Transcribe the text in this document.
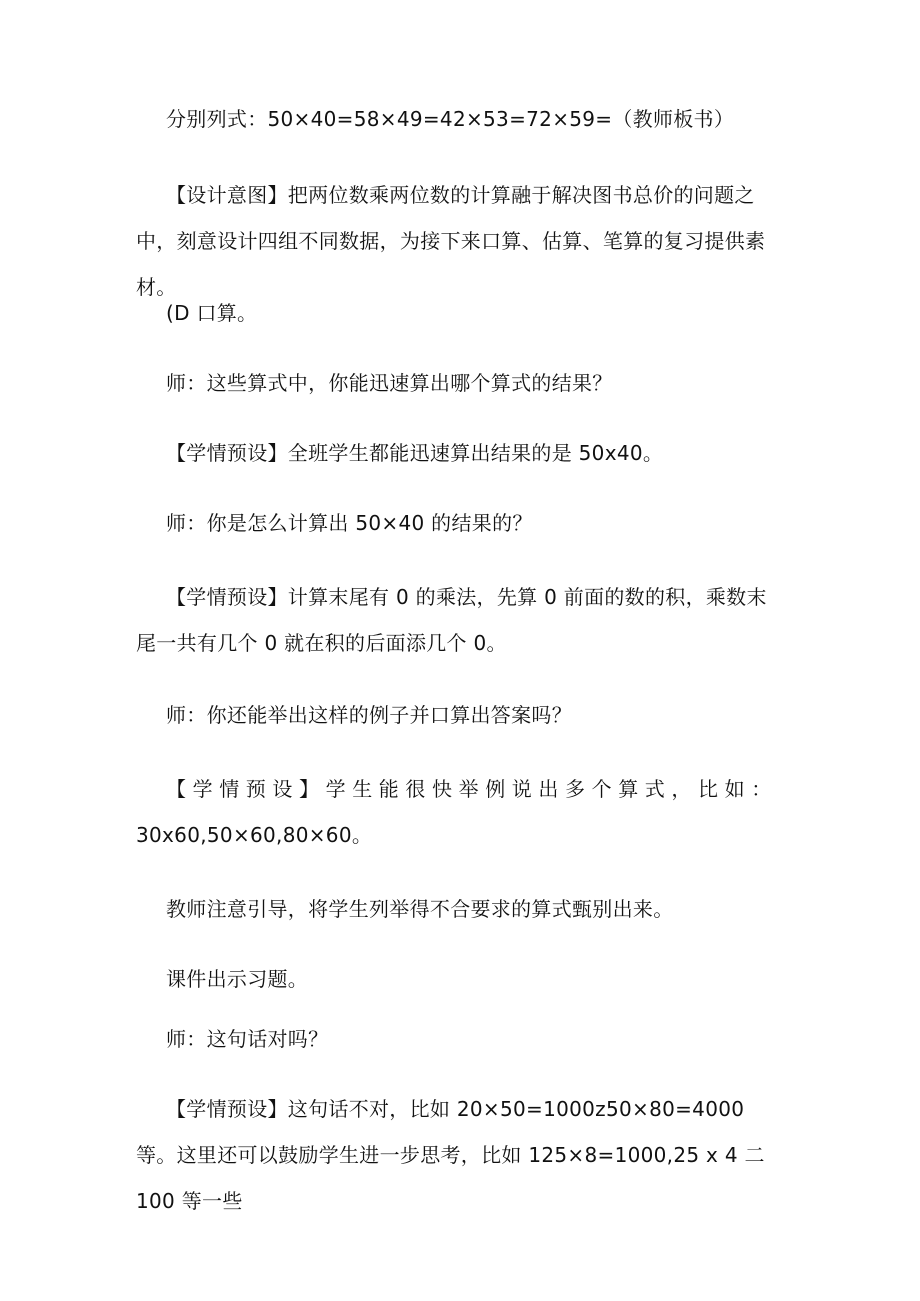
分别列式：50×40=58×49=42×53=72×59=（教师板书）

【设计意图】把两位数乘两位数的计算融于解决图书总价的问题之中，刻意设计四组不同数据，为接下来口算、估算、笔算的复习提供素材。

(D 口算。

师：这些算式中，你能迅速算出哪个算式的结果？

【学情预设】全班学生都能迅速算出结果的是 50x40。

师：你是怎么计算出 50×40 的结果的？

【学情预设】计算末尾有 0 的乘法，先算 0 前面的数的积，乘数末尾一共有几个 0 就在积的后面添几个 0。

师：你还能举出这样的例子并口算出答案吗？

【学情预设】学生能很快举例说出多个算式，比如：

30x60,50×60,80×60。

教师注意引导，将学生列举得不合要求的算式甄别出来。

课件出示习题。

师：这句话对吗？

【学情预设】这句话不对，比如 20×50=1000z50×80=4000 等。这里还可以鼓励学生进一步思考，比如 125×8=1000,25 x 4 二 100 等一些
